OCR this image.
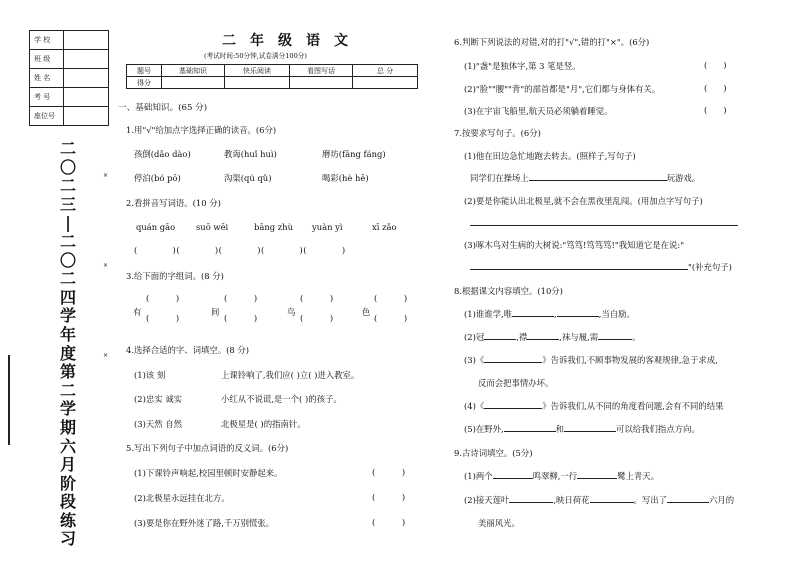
学 校	
班 级	
姓 名	
考 号	
座位号	
二
〇
二
三
|
二
〇
二
四
学
年
度
第
二
学
期
六
月
阶
段
练
习
×
×
×
二年级语文
(考试时间:50分钟,试卷满分100分)
题号	基础知识	快乐阅读	看图写话	总 分
得分				
一、基础知识。(65 分)
1.用"√"给加点字选择正确的读音。(6分)
孩倒(dǎo dào)	教诲(huǐ huì)	磨坊(fāng fáng)
停泊(bó pō)	沟渠(qú qǔ)	喝彩(hè hē)
2.看拼音写词语。(10 分)
quán gāo suō wēi	bāng zhù yuàn yì	xī zǎo
(           )(           )(           )(           )(           )
3.给下面的字组词。(8 分)
有
(          )

(          )
间
(          )

(          )
鸟
(          )

(          )
色
(          )

(          )
4.选择合适的字、词填空。(8 分)
(1)该 刻	上课铃响了,我们应( )立( )进入教室。
(2)忠实 诚实	小红从不说谎,是一个( )的孩子。
(3)天然 自然	北极星是( )的指南针。
5.写出下列句子中加点词语的反义词。(6分)
(1)下课铃声响起,校园里顿时安静起来。	(          )
(2)北极星永远挂在北方。	(          )
(3)要是你在野外迷了路,千万别慌张。	(          )
6.判断下列说法的对错,对的打"√",错的打"×"。(6分)
(1)"盏"是独体字,第 3 笔是竖。	(      )
(2)"脸""腰""背"的部首都是"月",它们都与身体有关。	(      )
(3)在宇宙飞船里,航天员必须躺着睡觉。	(      )
7.按要求写句子。(6分)
(1)他在田边急忙地跑去转去。(照样子,写句子)
同学们在操场上	玩游戏。
(2)要是你能认出北极星,就不会在黑夜里乱闯。(用加点字写句子)
(3)啄木鸟对生病的大树说:"笃笃!笃笃笃!"我知道它是在说:"
"(补充句子)
8.根据课文内容填空。(10分)
(1)谁谁学,唯	,	,当自励。
(2)冠	,襟	,袜与履,需	。
(3)《	》告诉我们,不顾事物发展的客观规律,急于求成,
反而会把事情办坏。
(4)《	》告诉我们,从不同的角度看问题,会有不同的结果
(5)在野外,	和	可以给我们指点方向。
9.古诗词填空。(5分)
(1)两个	鸣翠柳,一行	鹭上青天。
(2)接天莲叶	,映日荷花	。写出了	六月的
美丽风光。
